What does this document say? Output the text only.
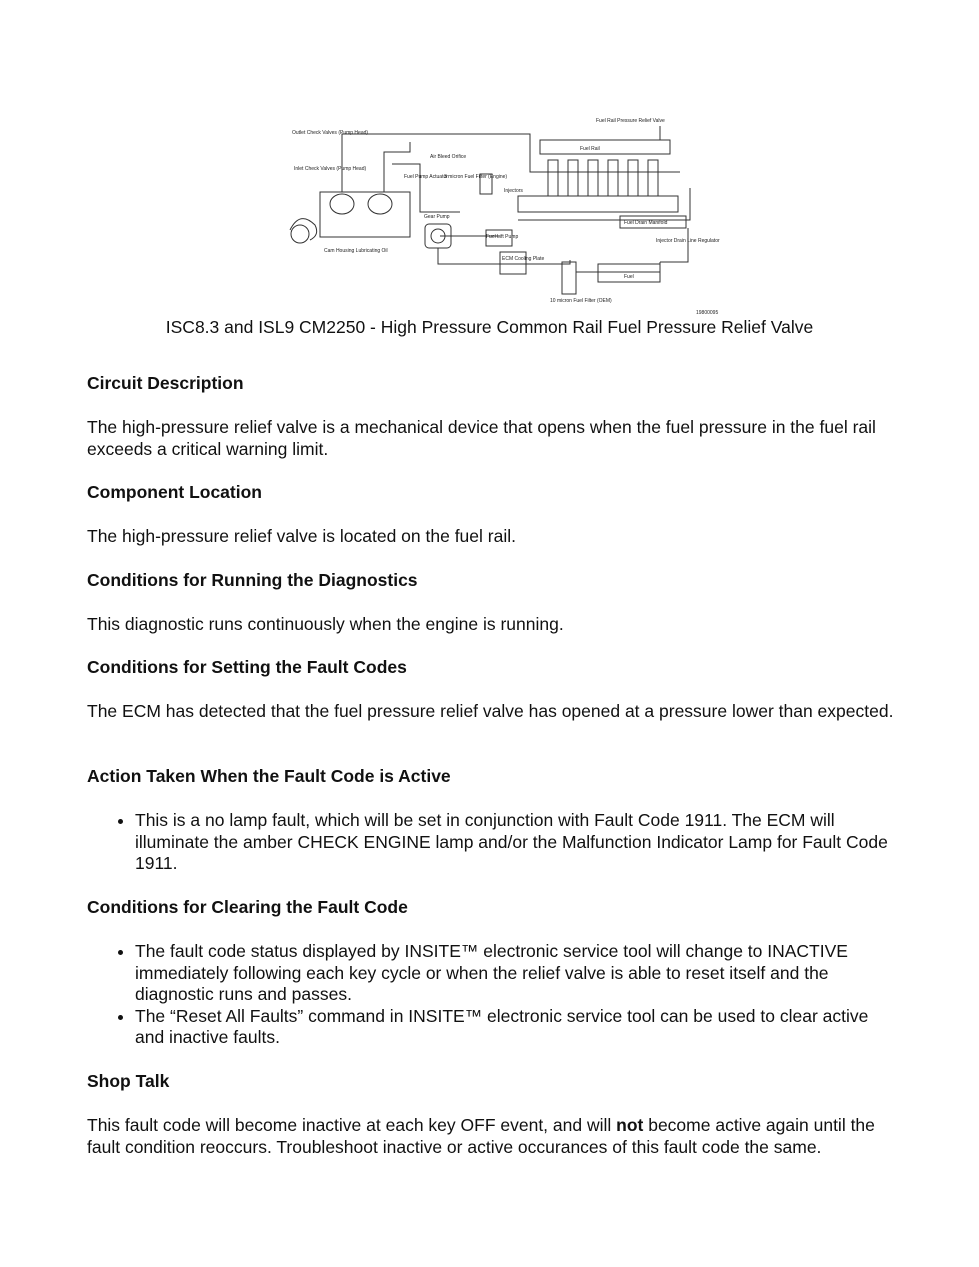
Outlet Check Valves (Pump Head)
Inlet Check Valves (Pump Head)
Air Bleed Orifice
Fuel Pump Actuator
3 micron Fuel Filter (Engine)
Gear Pump
Cam Housing Lubricating Oil
Fuel Lift Pump
ECM Cooling Plate
10 micron Fuel Filter (OEM)
Fuel
Fuel Rail Pressure Relief Valve
Fuel Rail
Injectors
Fuel Drain Manifold
Injector Drain Line Regulator
19800095
ISC8.3 and ISL9 CM2250 - High Pressure Common Rail Fuel Pressure Relief Valve
Circuit Description
The high-pressure relief valve is a mechanical device that opens when the fuel pressure in the fuel rail exceeds a critical warning limit.
Component Location
The high-pressure relief valve is located on the fuel rail.
Conditions for Running the Diagnostics
This diagnostic runs continuously when the engine is running.
Conditions for Setting the Fault Codes
The ECM has detected that the fuel pressure relief valve has opened at a pressure lower than expected.
Action Taken When the Fault Code is Active
• This is a no lamp fault, which will be set in conjunction with Fault Code 1911. The ECM will illuminate the amber CHECK ENGINE lamp and/or the Malfunction Indicator Lamp for Fault Code 1911.
Conditions for Clearing the Fault Code
• The fault code status displayed by INSITE™ electronic service tool will change to INACTIVE immediately following each key cycle or when the relief valve is able to reset itself and the diagnostic runs and passes.
• The “Reset All Faults” command in INSITE™ electronic service tool can be used to clear active and inactive faults.
Shop Talk
This fault code will become inactive at each key OFF event, and will not become active again until the fault condition reoccurs. Troubleshoot inactive or active occurances of this fault code the same.
